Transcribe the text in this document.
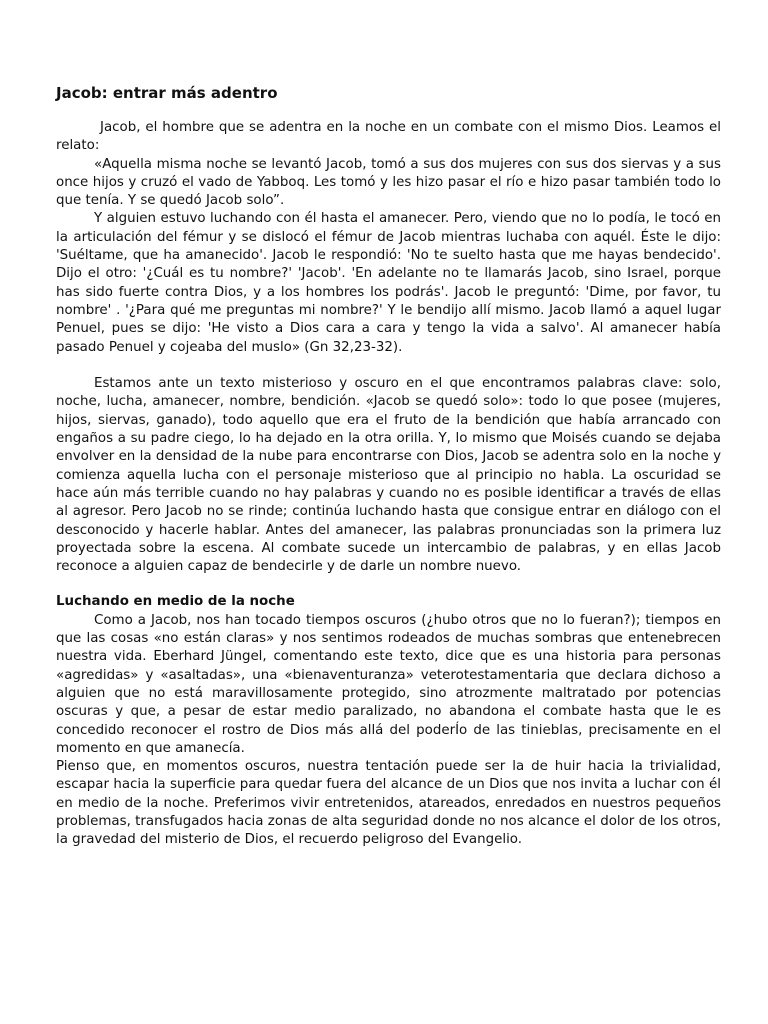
Jacob: entrar más adentro

Jacob, el hombre que se adentra en la noche en un combate con el mismo Dios. Leamos el relato:

«Aquella misma noche se levantó Jacob, tomó a sus dos mujeres con sus dos siervas y a sus once hijos y cruzó el vado de Yabboq. Les tomó y les hizo pasar el río e hizo pasar también todo lo que tenía. Y se quedó Jacob solo”.

Y alguien estuvo luchando con él hasta el amanecer. Pero, viendo que no lo podía, le tocó en la articulación del fémur y se dislocó el fémur de Jacob mientras luchaba con aquél. Éste le dijo: 'Suéltame, que ha amanecido'. Jacob le respondió: 'No te suelto hasta que me hayas bendecido'. Dijo el otro: '¿Cuál es tu nombre?' 'Jacob'. 'En adelante no te llamarás Jacob, sino Israel, porque has sido fuerte contra Dios, y a los hombres los podrás'. Jacob le preguntó: 'Dime, por favor, tu nombre' . '¿Para qué me preguntas mi nombre?' Y le bendijo allí mismo. Jacob llamó a aquel lugar Penuel, pues se dijo: 'He visto a Dios cara a cara y tengo la vida a salvo'. Al amanecer había pasado Penuel y cojeaba del muslo» (Gn 32,23-32).

Estamos ante un texto misterioso y oscuro en el que encontramos palabras clave: solo, noche, lucha, amanecer, nombre, bendición. «Jacob se quedó solo»: todo lo que posee (mujeres, hijos, siervas, ganado), todo aquello que era el fruto de la bendición que había arrancado con engaños a su padre ciego, lo ha dejado en la otra orilla. Y, lo mismo que Moisés cuando se dejaba envolver en la densidad de la nube para encontrarse con Dios, Jacob se adentra solo en la noche y comienza aquella lucha con el personaje misterioso que al principio no habla. La oscuridad se hace aún más terrible cuando no hay palabras y cuando no es posible identificar a través de ellas al agresor. Pero Jacob no se rinde; continúa luchando hasta que consigue entrar en diálogo con el desconocido y hacerle hablar. Antes del amanecer, las palabras pronunciadas son la primera luz proyectada sobre la escena. Al combate sucede un intercambio de palabras, y en ellas Jacob reconoce a alguien capaz de bendecirle y de darle un nombre nuevo.

Luchando en medio de la noche

Como a Jacob, nos han tocado tiempos oscuros (¿hubo otros que no lo fueran?); tiempos en que las cosas «no están claras» y nos sentimos rodeados de muchas sombras que entenebrecen nuestra vida. Eberhard Jüngel, comentando este texto, dice que es una historia para personas «agredidas» y «asaltadas», una «bienaventuranza» veterotestamentaria que declara dichoso a alguien que no está maravillosamente protegido, sino atrozmente maltratado por potencias oscuras y que, a pesar de estar medio paralizado, no abandona el combate hasta que le es concedido reconocer el rostro de Dios más allá del poderÍo de las tinieblas, precisamente en el momento en que amanecía.

Pienso que, en momentos oscuros, nuestra tentación puede ser la de huir hacia la trivialidad, escapar hacia la superficie para quedar fuera del alcance de un Dios que nos invita a luchar con él en medio de la noche. Preferimos vivir entretenidos, atareados, enredados en nuestros pequeños problemas, transfugados hacia zonas de alta seguridad donde no nos alcance el dolor de los otros, la gravedad del misterio de Dios, el recuerdo peligroso del Evangelio.
